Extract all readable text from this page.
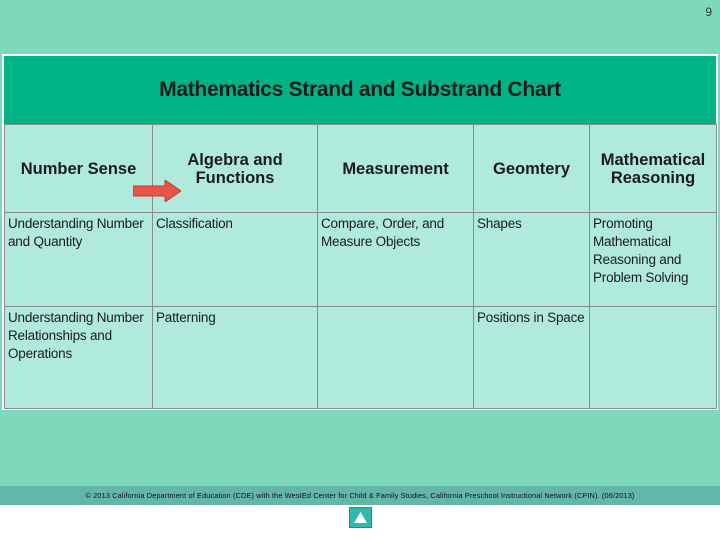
9
Mathematics Strand and Substrand Chart
Number Sense	Algebra and Functions	Measurement	Geomtery	Mathematical Reasoning
Understanding Number and Quantity	Classification	Compare, Order, and Measure Objects	Shapes	Promoting Mathematical Reasoning and Problem Solving
Understanding Number Relationships and Operations	Patterning		Positions in Space	
© 2013 California Department of Education (CDE) with the WestEd Center for Child & Family Studies, California Preschool Instructional Network (CPIN). (06/2013)
